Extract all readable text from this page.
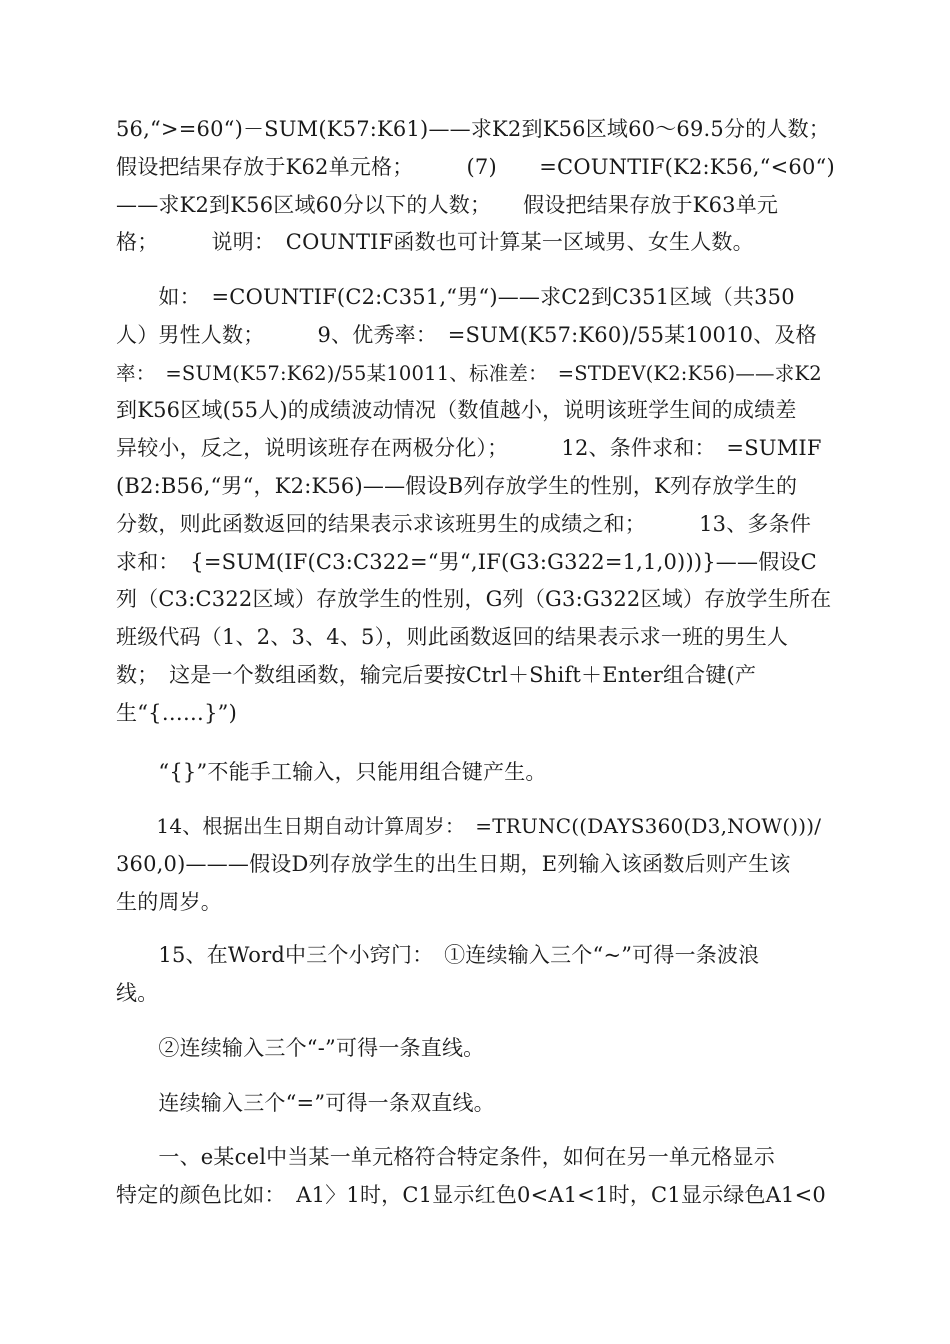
56,“>=60“)－SUM(K57:K61)——求K2到K56区域60～69.5分的人数；
假设把结果存放于K62单元格；　　　(7)　　=COUNTIF(K2:K56,“<60“)
——求K2到K56区域60分以下的人数；　　假设把结果存放于K63单元
格；　　　说明：　COUNTIF函数也可计算某一区域男、女生人数。
　　如：　=COUNTIF(C2:C351,“男“)——求C2到C351区域（共350
人）男性人数；　　　9、优秀率：　=SUM(K57:K60)/55某10010、及格
率：　=SUM(K57:K62)/55某10011、标准差：　=STDEV(K2:K56)——求K2
到K56区域(55人)的成绩波动情况（数值越小，说明该班学生间的成绩差
异较小，反之，说明该班存在两极分化）；　　　12、条件求和：　=SUMIF
(B2:B56,“男“，K2:K56)——假设B列存放学生的性别，K列存放学生的
分数，则此函数返回的结果表示求该班男生的成绩之和；　　　13、多条件
求和：　{=SUM(IF(C3:C322=“男“,IF(G3:G322=1,1,0)))}——假设C
列（C3:C322区域）存放学生的性别，G列（G3:G322区域）存放学生所在
班级代码（1、2、3、4、5），则此函数返回的结果表示求一班的男生人
数；　这是一个数组函数，输完后要按Ctrl＋Shift＋Enter组合键(产
生“{……}”)
　　“{}”不能手工输入，只能用组合键产生。
　　14、根据出生日期自动计算周岁：　=TRUNC((DAYS360(D3,NOW()))/
360,0)———假设D列存放学生的出生日期，E列输入该函数后则产生该
生的周岁。
　　15、在Word中三个小窍门：　①连续输入三个“~”可得一条波浪
线。
　　②连续输入三个“-”可得一条直线。
　　连续输入三个“=”可得一条双直线。
　　一、e某cel中当某一单元格符合特定条件，如何在另一单元格显示
特定的颜色比如：　A1〉1时，C1显示红色0<A1<1时，C1显示绿色A1<0
